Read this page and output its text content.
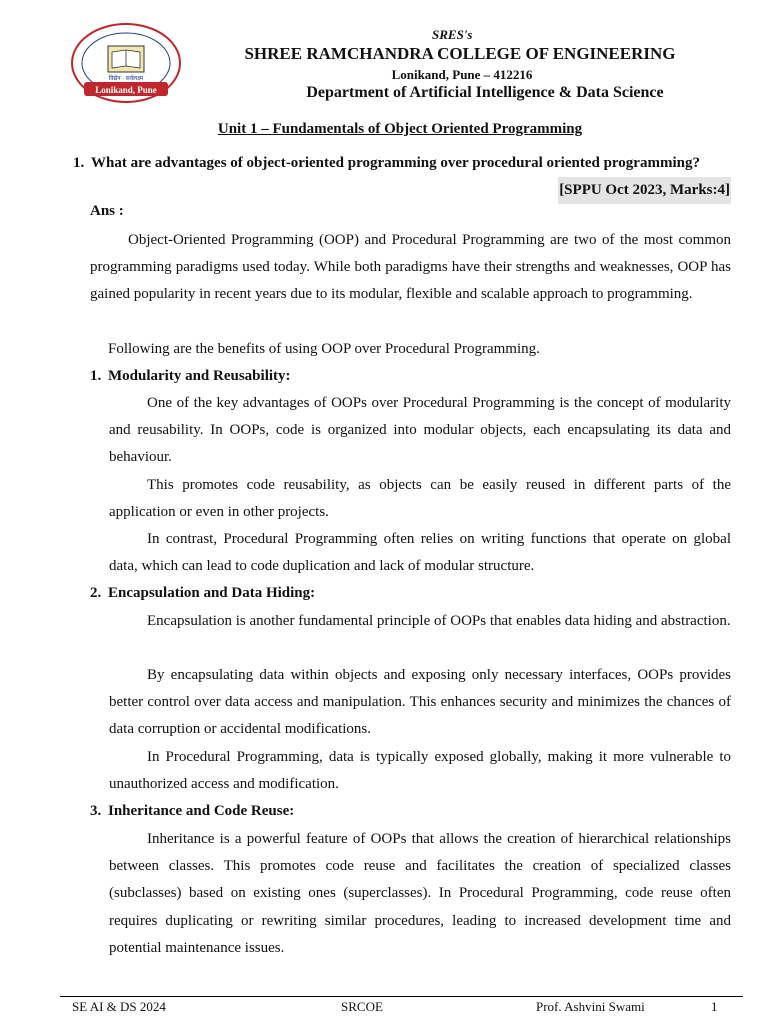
Lonikand, Pune
विद्येन · सर्वलक्ष्म
SRES's
SHREE RAMCHANDRA COLLEGE OF ENGINEERING
Lonikand, Pune – 412216
Department of Artificial Intelligence & Data Science
Unit 1 – Fundamentals of Object Oriented Programming
1. What are advantages of object-oriented programming over procedural oriented programming?
[SPPU Oct 2023, Marks:4]
Ans :
Object-Oriented Programming (OOP) and Procedural Programming are two of the most common programming paradigms used today. While both paradigms have their strengths and weaknesses, OOP has gained popularity in recent years due to its modular, flexible and scalable approach to programming.
Following are the benefits of using OOP over Procedural Programming.
1. Modularity and Reusability:
One of the key advantages of OOPs over Procedural Programming is the concept of modularity and reusability. In OOPs, code is organized into modular objects, each encapsulating its data and behaviour.
This promotes code reusability, as objects can be easily reused in different parts of the application or even in other projects.
In contrast, Procedural Programming often relies on writing functions that operate on global data, which can lead to code duplication and lack of modular structure.
2. Encapsulation and Data Hiding:
Encapsulation is another fundamental principle of OOPs that enables data hiding and abstraction.
By encapsulating data within objects and exposing only necessary interfaces, OOPs provides better control over data access and manipulation. This enhances security and minimizes the chances of data corruption or accidental modifications.
In Procedural Programming, data is typically exposed globally, making it more vulnerable to unauthorized access and modification.
3. Inheritance and Code Reuse:
Inheritance is a powerful feature of OOPs that allows the creation of hierarchical relationships between classes. This promotes code reuse and facilitates the creation of specialized classes (subclasses) based on existing ones (superclasses). In Procedural Programming, code reuse often requires duplicating or rewriting similar procedures, leading to increased development time and potential maintenance issues.
SE AI & DS 2024	SRCOE	Prof. Ashvini Swami	1
